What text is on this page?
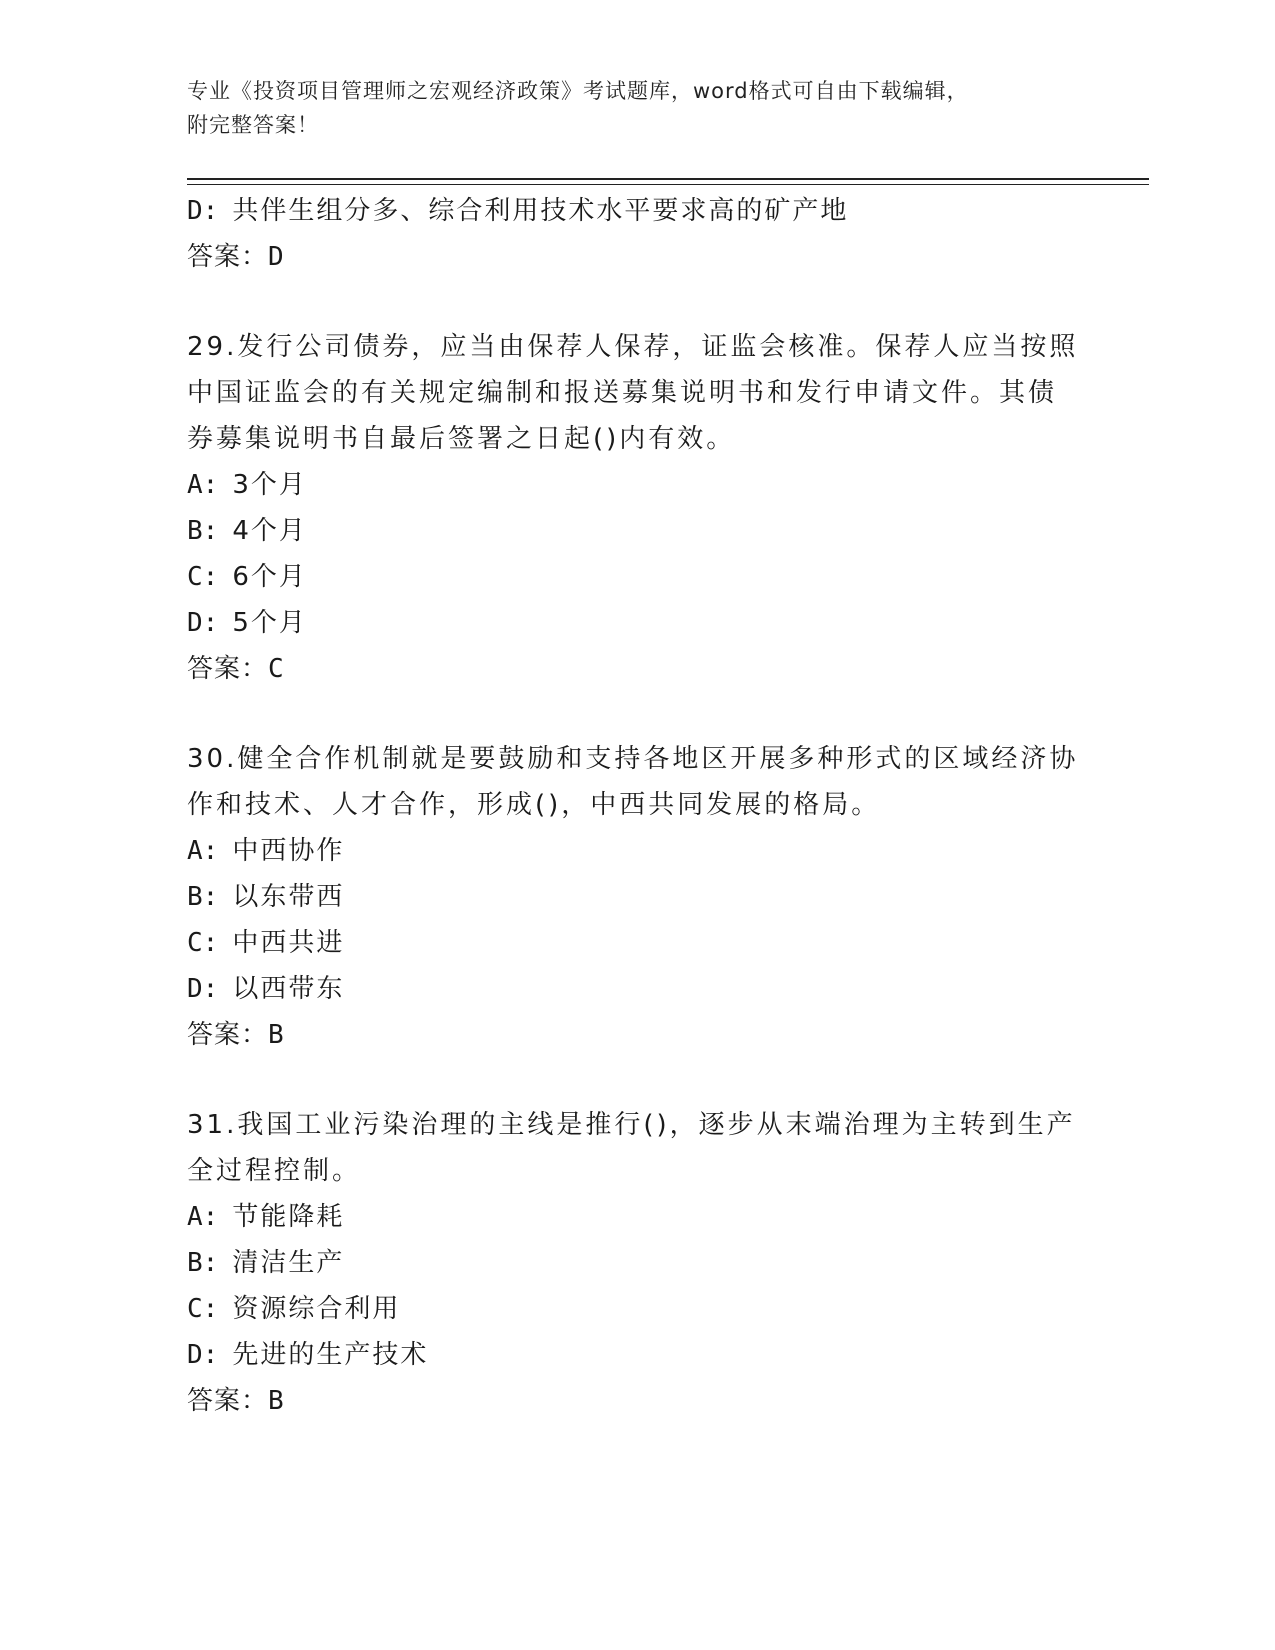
专业《投资项目管理师之宏观经济政策》考试题库，word格式可自由下载编辑，
附完整答案！
D: 共伴生组分多、综合利用技术水平要求高的矿产地
答案：D
29.发行公司债券，应当由保荐人保荐，证监会核准。保荐人应当按照
中国证监会的有关规定编制和报送募集说明书和发行申请文件。其债
券募集说明书自最后签署之日起()内有效。
A: 3个月
B: 4个月
C: 6个月
D: 5个月
答案：C
30.健全合作机制就是要鼓励和支持各地区开展多种形式的区域经济协
作和技术、人才合作，形成()，中西共同发展的格局。
A: 中西协作
B: 以东带西
C: 中西共进
D: 以西带东
答案：B
31.我国工业污染治理的主线是推行()，逐步从末端治理为主转到生产
全过程控制。
A: 节能降耗
B: 清洁生产
C: 资源综合利用
D: 先进的生产技术
答案：B
